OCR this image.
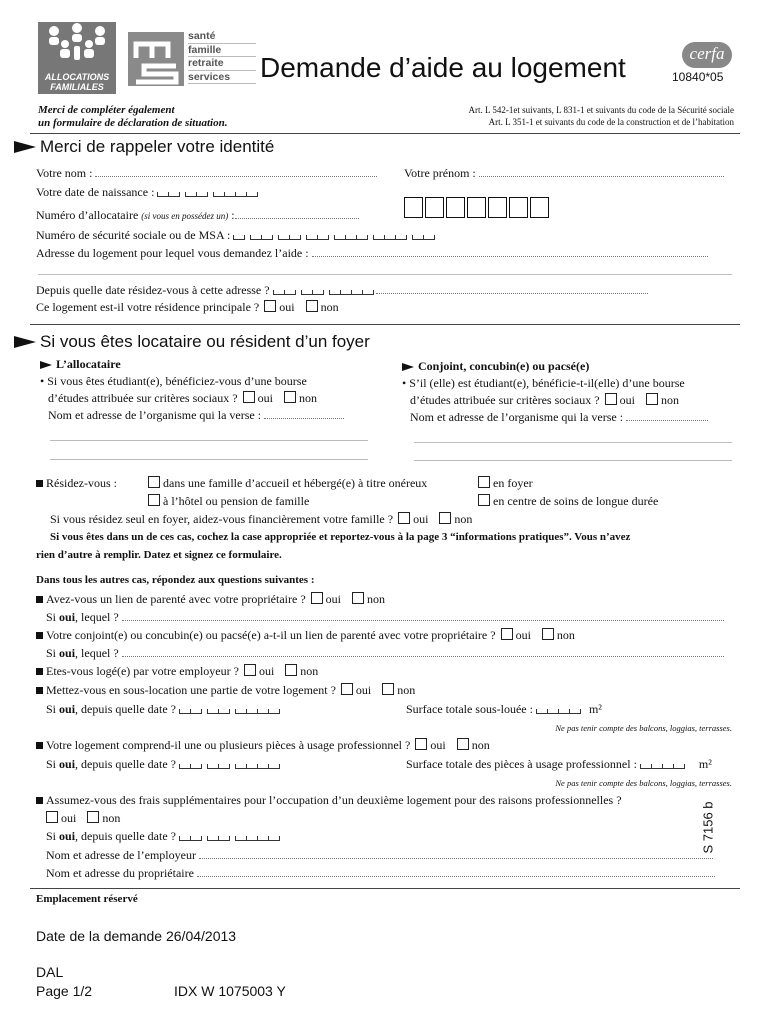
ALLOCATIONS FAMILIALES
santé
famille
retraite
services	Demande d’aide au logement	cerfa
10840*05
Merci de compléter également
un formulaire de déclaration de situation.
Art. L 542-1et suivants, L 831-1 et suivants du code de la Sécurité sociale
Art. L 351-1 et suivants du code de la construction et de l’habitation
Merci de rappeler votre identité
Votre nom :	Votre prénom :
Votre date de naissance :
Numéro d’allocataire (si vous en possédez un) :
Numéro de sécurité sociale ou de MSA :
Adresse du logement pour lequel vous demandez l’aide :
Depuis quelle date résidez-vous à cette adresse ?
Ce logement est-il votre résidence principale ? oui non
Si vous êtes locataire ou résident d’un foyer
L’allocataire
• Si vous êtes étudiant(e), bénéficiez-vous d’une bourse
d’études attribuée sur critères sociaux ? oui non
Nom et adresse de l’organisme qui la verse :
Conjoint, concubin(e) ou pacsé(e)
• S’il (elle) est étudiant(e), bénéficie-t-il(elle) d’une bourse
d’études attribuée sur critères sociaux ? oui non
Nom et adresse de l’organisme qui la verse :
Résidez-vous :	dans une famille d’accueil et hébergé(e) à titre onéreux	en foyer
à l’hôtel ou pension de famille	en centre de soins de longue durée
Si vous résidez seul en foyer, aidez-vous financièrement votre famille ? oui non
Si vous êtes dans un de ces cas, cochez la case appropriée et reportez-vous à la page 3 “informations pratiques”. Vous n’avez
rien d’autre à remplir. Datez et signez ce formulaire.
Dans tous les autres cas, répondez aux questions suivantes :
Avez-vous un lien de parenté avec votre propriétaire ? oui non
Si oui, lequel ?
Votre conjoint(e) ou concubin(e) ou pacsé(e) a-t-il un lien de parenté avec votre propriétaire ? oui non
Si oui, lequel ?
Etes-vous logé(e) par votre employeur ? oui non
Mettez-vous en sous-location une partie de votre logement ? oui non
Si oui, depuis quelle date ?	Surface totale sous-louée :	m²
Ne pas tenir compte des balcons, loggias, terrasses.
Votre logement comprend-il une ou plusieurs pièces à usage professionnel ? oui non
Si oui, depuis quelle date ?	Surface totale des pièces à usage professionnel :	m²
Ne pas tenir compte des balcons, loggias, terrasses.
Assumez-vous des frais supplémentaires pour l’occupation d’un deuxième logement pour des raisons professionnelles ?
oui non
Si oui, depuis quelle date ?
Nom et adresse de l’employeur
Nom et adresse du propriétaire
S 7156 b
Emplacement réservé
Date de la demande 26/04/2013
DAL
Page 1/2	IDX W 1075003 Y
